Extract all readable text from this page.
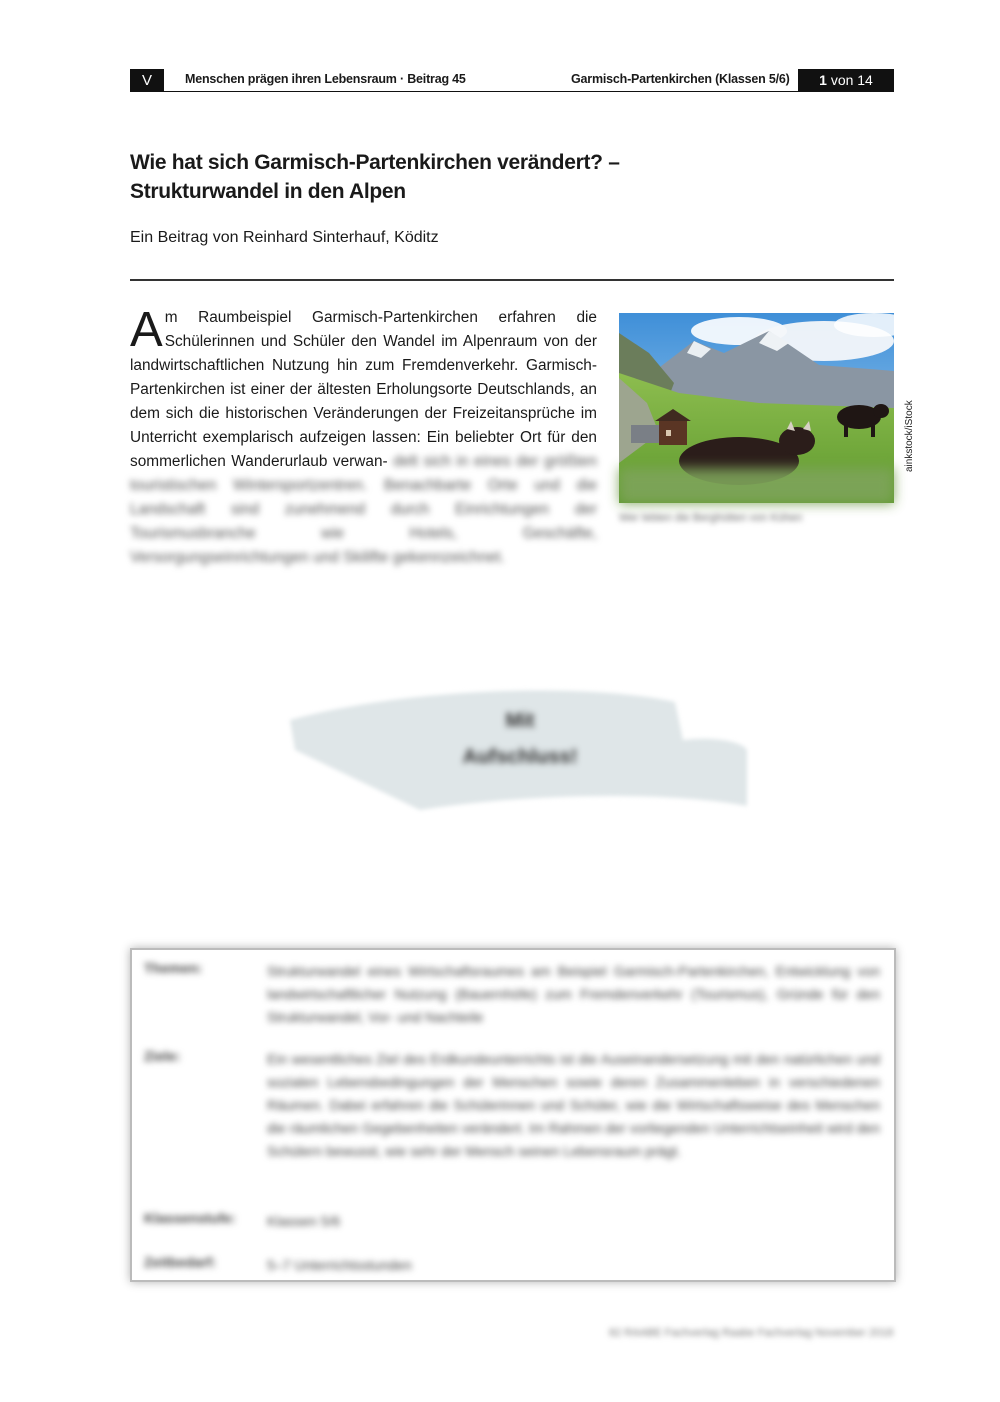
V	Menschen prägen ihren Lebensraum · Beitrag 45	Garmisch-Partenkirchen (Klassen 5/6)	1 von 14
Wie hat sich Garmisch-Partenkirchen verändert? –
Strukturwandel in den Alpen
Ein Beitrag von Reinhard Sinterhauf, Köditz
Am Raumbeispiel Garmisch-Partenkirchen erfahren die Schülerinnen und Schüler den Wandel im Alpenraum von der landwirtschaftlichen Nutzung hin zum Fremdenverkehr. Garmisch-Partenkirchen ist einer der ältesten Erholungsorte Deutschlands, an dem sich die historischen Veränderungen der Freizeitansprüche im Unterricht exemplarisch aufzeigen lassen: Ein beliebter Ort für den sommerlichen Wanderurlaub verwan- delt sich in eines der größten touristischen Wintersportzentren. Benachbarte Orte und die Landschaft sind zunehmend durch Einrichtungen der Tourismusbranche wie Hotels, Geschäfte, Versorgungseinrichtungen und Skilifte gekennzeichnet.
ainkstock/iStock
Wer lebten die Berghütten von Kühen
Mit
Aufschluss!
Themen:	Strukturwandel eines Wirtschaftsraumes am Beispiel Garmisch-Partenkirchen, Entwicklung von landwirtschaftlicher Nutzung (Bauernhöfe) zum Fremdenverkehr (Tourismus), Gründe für den Strukturwandel, Vor- und Nachteile
Ziele:	Ein wesentliches Ziel des Erdkundeunterrichts ist die Auseinandersetzung mit den natürlichen und sozialen Lebensbedingungen der Menschen sowie deren Zusammenleben in verschiedenen Räumen. Dabei erfahren die Schülerinnen und Schüler, wie die Wirtschaftsweise des Menschen die räumlichen Gegebenheiten verändert. Im Rahmen der vorliegenden Unterrichtseinheit wird den Schülern bewusst, wie sehr der Mensch seinen Lebensraum prägt.
Klassenstufe: Klassen 5/6
Zeitbedarf:	5–7 Unterrichtsstunden
82 RAABE Fachverlag Raabe Fachverlag November 2018
